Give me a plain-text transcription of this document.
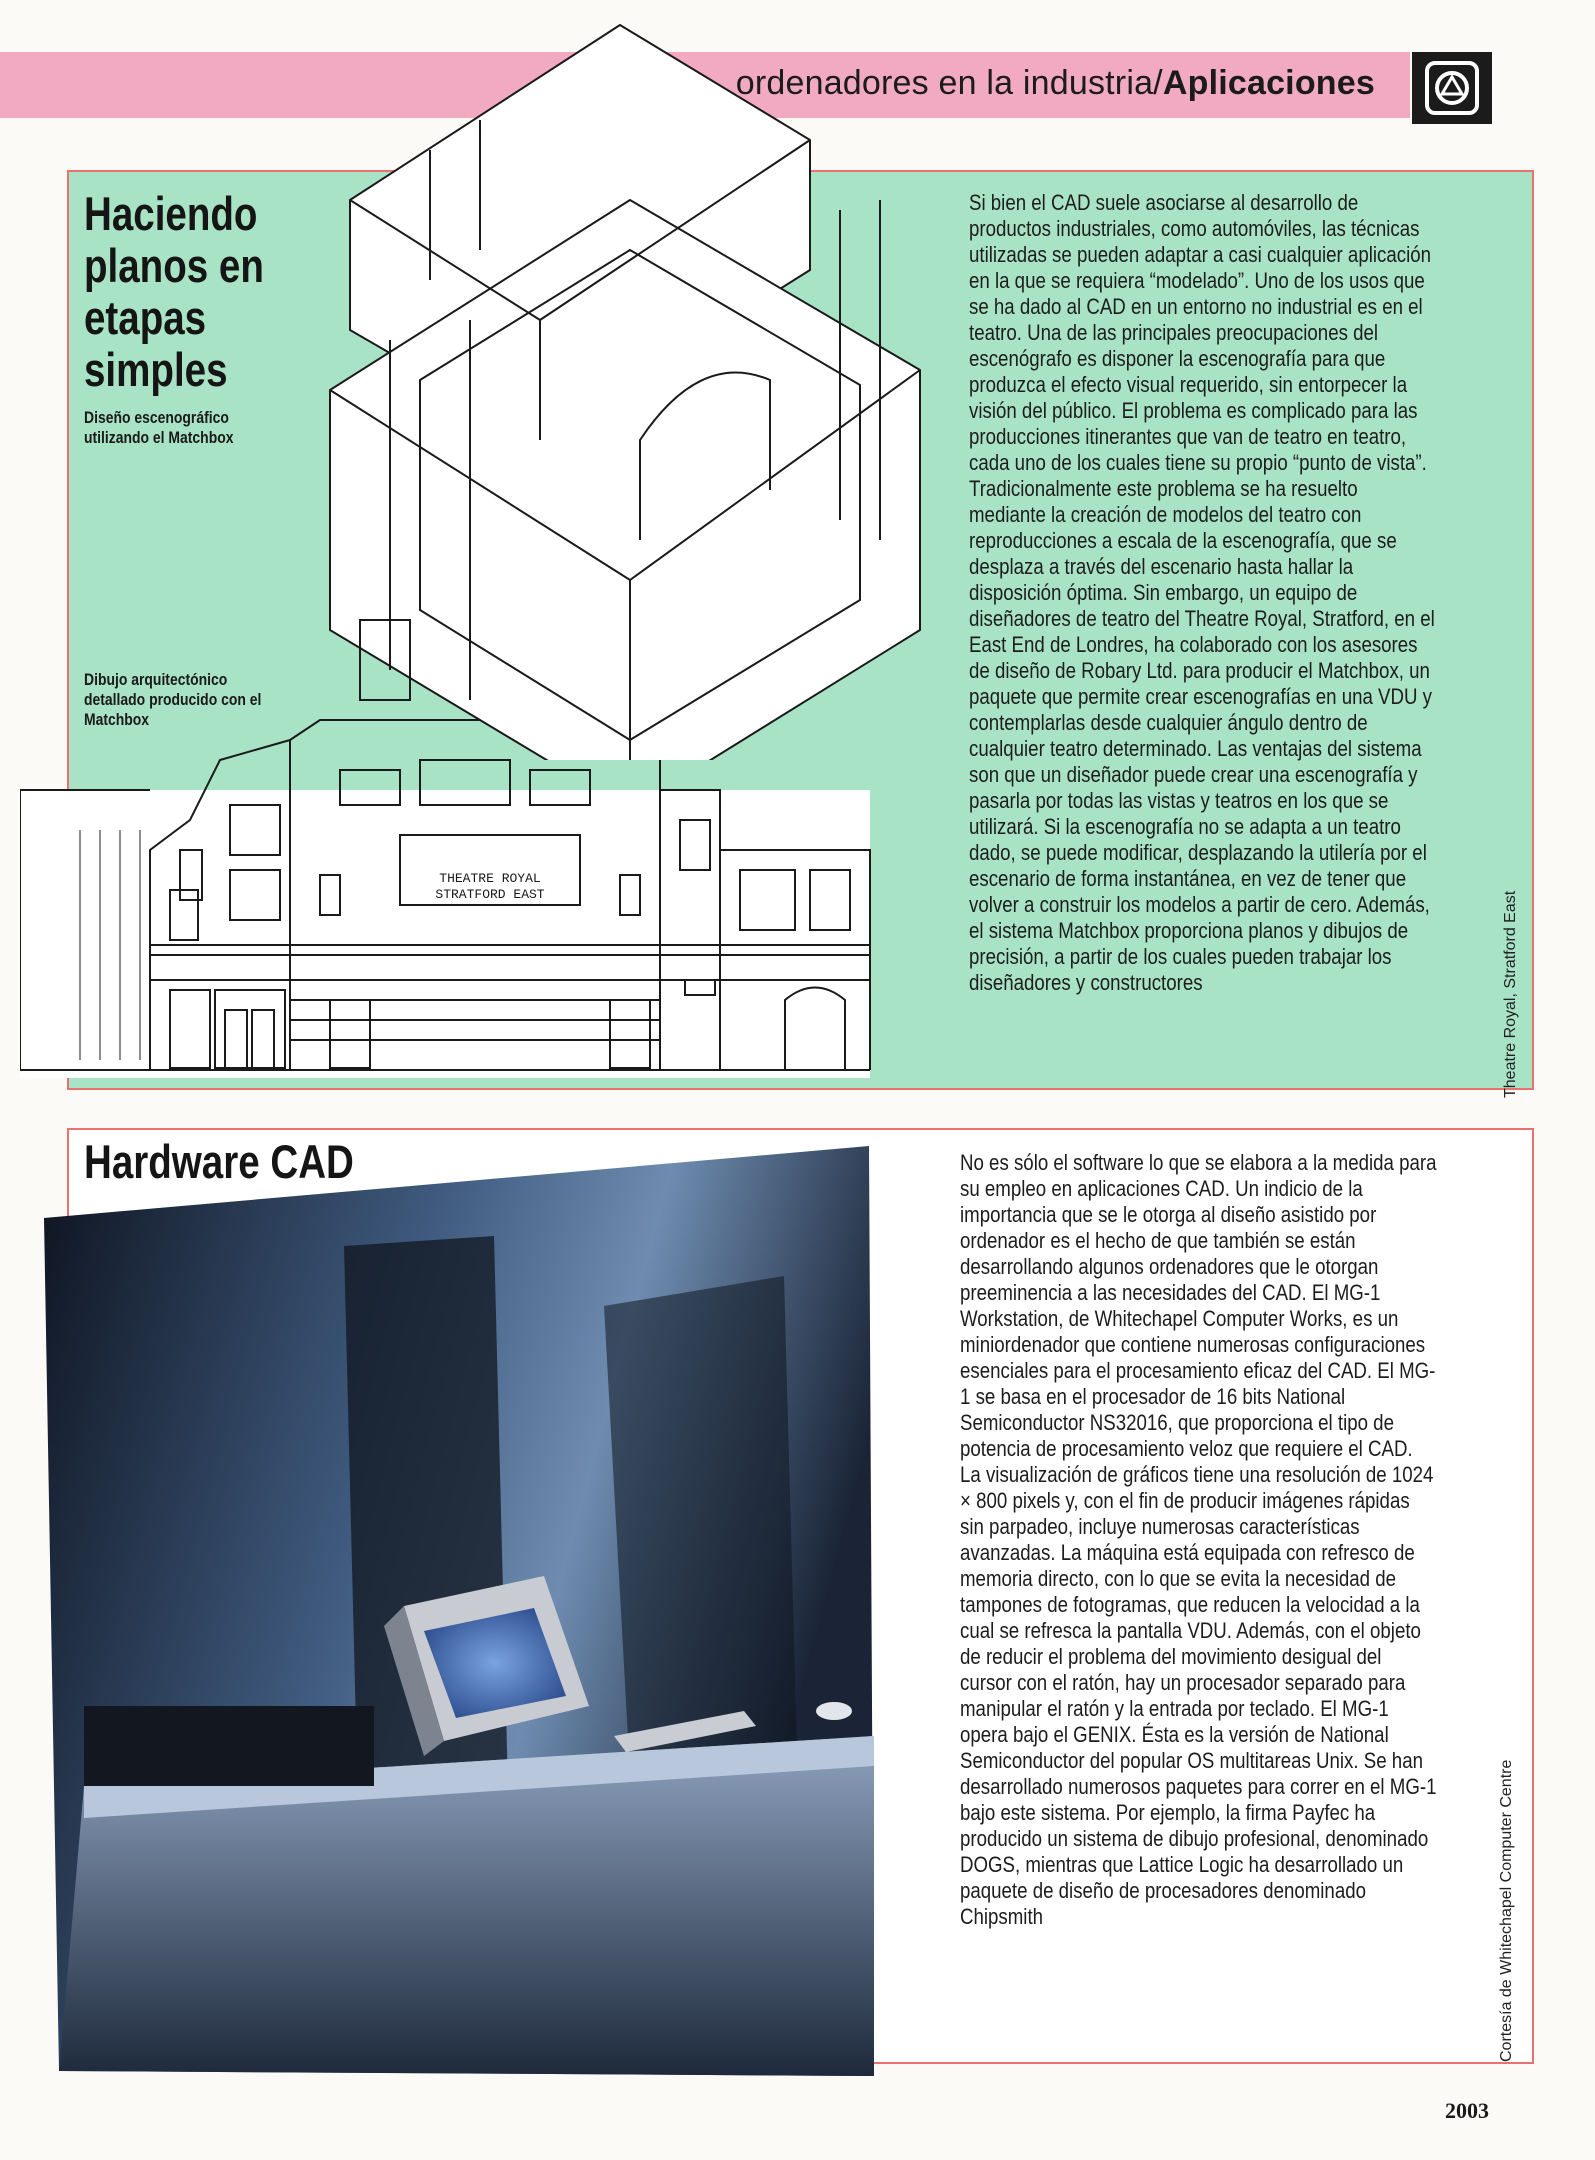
ordenadores en la industria/Aplicaciones
THEATRE ROYAL
STRATFORD EAST
Haciendo planos en etapas simples
Diseño escenográfico utilizando el Matchbox
Dibujo arquitectónico detallado producido con el Matchbox

Si bien el CAD suele asociarse al desarrollo de productos industriales, como automóviles, las técnicas utilizadas se pueden adaptar a casi cualquier aplicación en la que se requiera “modelado”. Uno de los usos que se ha dado al CAD en un entorno no industrial es en el teatro. Una de las principales preocupaciones del escenógrafo es disponer la escenografía para que produzca el efecto visual requerido, sin entorpecer la visión del público. El problema es complicado para las producciones itinerantes que van de teatro en teatro, cada uno de los cuales tiene su propio “punto de vista”. Tradicionalmente este problema se ha resuelto mediante la creación de modelos del teatro con reproducciones a escala de la escenografía, que se desplaza a través del escenario hasta hallar la disposición óptima. Sin embargo, un equipo de diseñadores de teatro del Theatre Royal, Stratford, en el East End de Londres, ha colaborado con los asesores de diseño de Robary Ltd. para producir el Matchbox, un paquete que permite crear escenografías en una VDU y contemplarlas desde cualquier ángulo dentro de cualquier teatro determinado. Las ventajas del sistema son que un diseñador puede crear una escenografía y pasarla por todas las vistas y teatros en los que se utilizará. Si la escenografía no se adapta a un teatro dado, se puede modificar, desplazando la utilería por el escenario de forma instantánea, en vez de tener que volver a construir los modelos a partir de cero. Además, el sistema Matchbox proporciona planos y dibujos de precisión, a partir de los cuales pueden trabajar los diseñadores y constructores	Theatre Royal, Stratford East
Hardware CAD	No es sólo el software lo que se elabora a la medida para su empleo en aplicaciones CAD. Un indicio de la importancia que se le otorga al diseño asistido por ordenador es el hecho de que también se están desarrollando algunos ordenadores que le otorgan preeminencia a las necesidades del CAD. El MG-1 Workstation, de Whitechapel Computer Works, es un miniordenador que contiene numerosas configuraciones esenciales para el procesamiento eficaz del CAD. El MG-1 se basa en el procesador de 16 bits National Semiconductor NS32016, que proporciona el tipo de potencia de procesamiento veloz que requiere el CAD. La visualización de gráficos tiene una resolución de 1024 × 800 pixels y, con el fin de producir imágenes rápidas sin parpadeo, incluye numerosas características avanzadas. La máquina está equipada con refresco de memoria directo, con lo que se evita la necesidad de tampones de fotogramas, que reducen la velocidad a la cual se refresca la pantalla VDU. Además, con el objeto de reducir el problema del movimiento desigual del cursor con el ratón, hay un procesador separado para manipular el ratón y la entrada por teclado. El MG-1 opera bajo el GENIX. Ésta es la versión de National Semiconductor del popular OS multitareas Unix. Se han desarrollado numerosos paquetes para correr en el MG-1 bajo este sistema. Por ejemplo, la firma Payfec ha producido un sistema de dibujo profesional, denominado DOGS, mientras que Lattice Logic ha desarrollado un paquete de diseño de procesadores denominado Chipsmith	Cortesía de Whitechapel Computer Centre
2003
